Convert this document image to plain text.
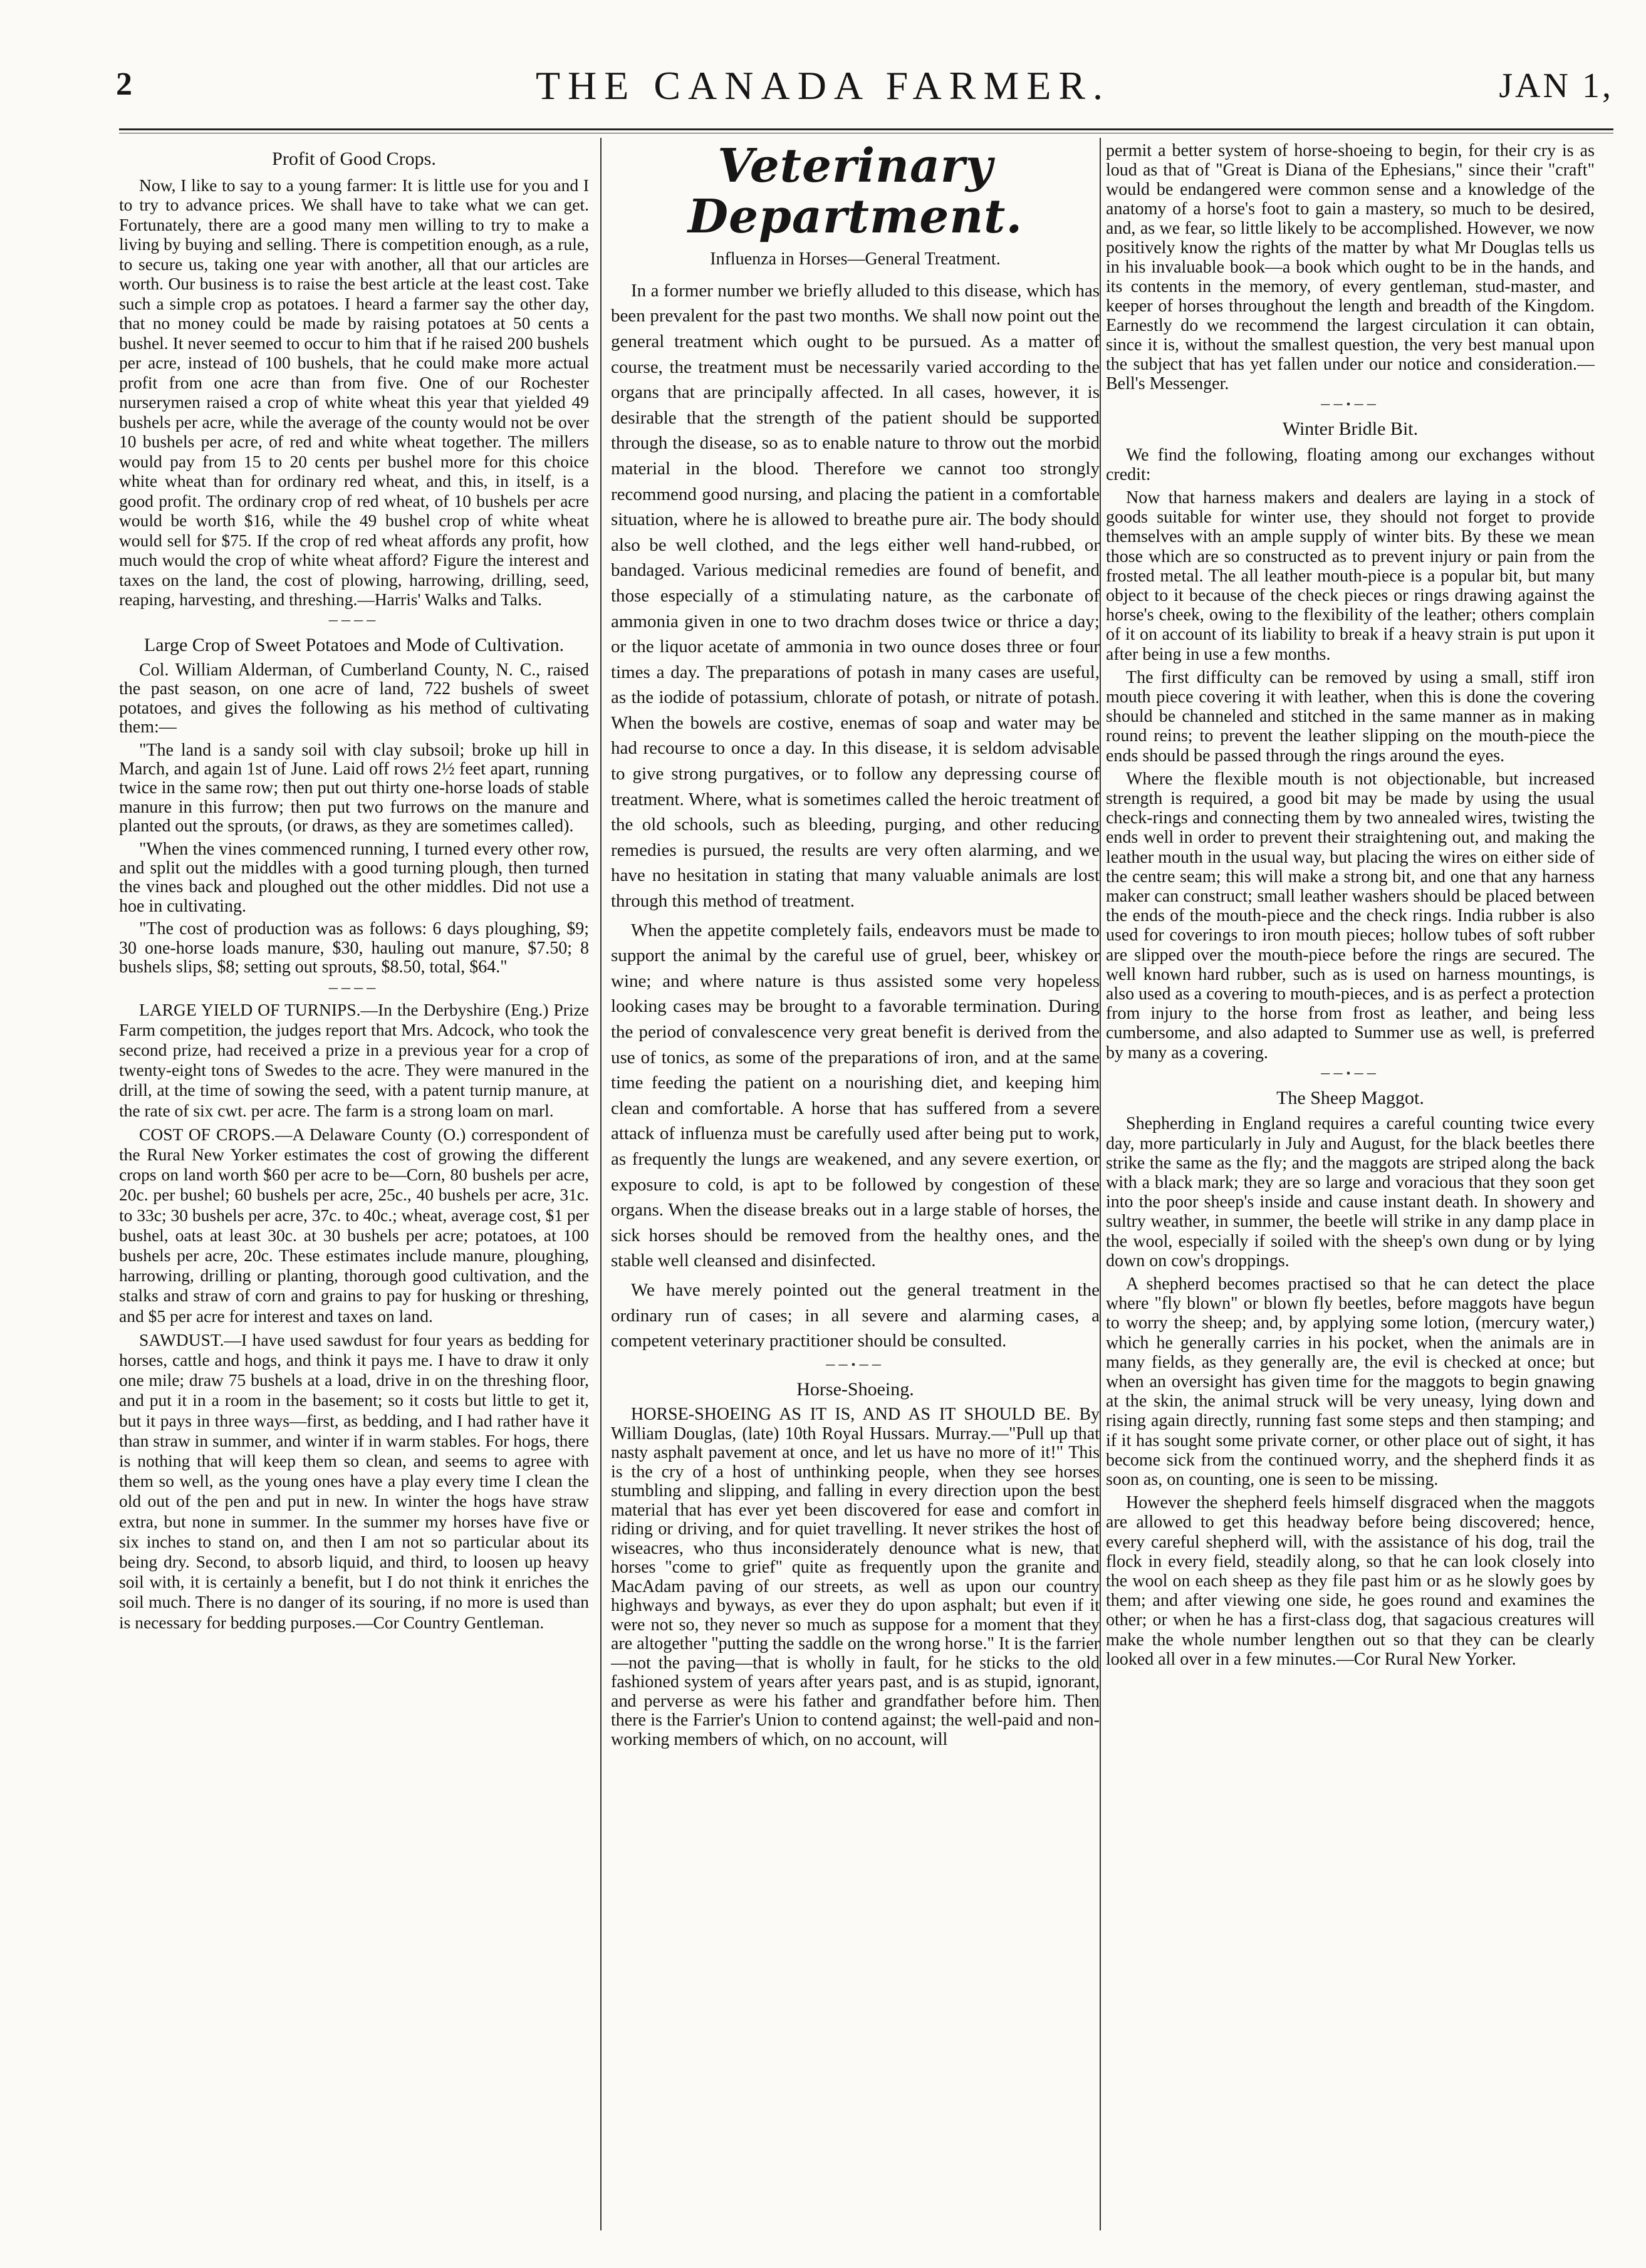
2	THE CANADA FARMER.	JAN 1,
Profit of Good Crops.

Now, I like to say to a young farmer: It is little use for you and I to try to advance prices. We shall have to take what we can get. Fortunately, there are a good many men willing to try to make a living by buying and selling. There is competition enough, as a rule, to secure us, taking one year with another, all that our articles are worth. Our business is to raise the best article at the least cost. Take such a simple crop as potatoes. I heard a farmer say the other day, that no money could be made by raising potatoes at 50 cents a bushel. It never seemed to occur to him that if he raised 200 bushels per acre, instead of 100 bushels, that he could make more actual profit from one acre than from five. One of our Rochester nurserymen raised a crop of white wheat this year that yielded 49 bushels per acre, while the average of the county would not be over 10 bushels per acre, of red and white wheat together. The millers would pay from 15 to 20 cents per bushel more for this choice white wheat than for ordinary red wheat, and this, in itself, is a good profit. The ordinary crop of red wheat, of 10 bushels per acre would be worth $16, while the 49 bushel crop of white wheat would sell for $75. If the crop of red wheat affords any profit, how much would the crop of white wheat afford? Figure the interest and taxes on the land, the cost of plowing, harrowing, drilling, seed, reaping, harvesting, and threshing.—Harris' Walks and Talks.

────
Large Crop of Sweet Potatoes and Mode of Cultivation.

Col. William Alderman, of Cumberland County, N. C., raised the past season, on one acre of land, 722 bushels of sweet potatoes, and gives the following as his method of cultivating them:—

"The land is a sandy soil with clay subsoil; broke up hill in March, and again 1st of June. Laid off rows 2½ feet apart, running twice in the same row; then put out thirty one-horse loads of stable manure in this furrow; then put two furrows on the manure and planted out the sprouts, (or draws, as they are sometimes called).

"When the vines commenced running, I turned every other row, and split out the middles with a good turning plough, then turned the vines back and ploughed out the other middles. Did not use a hoe in cultivating.

"The cost of production was as follows: 6 days ploughing, $9; 30 one-horse loads manure, $30, hauling out manure, $7.50; 8 bushels slips, $8; setting out sprouts, $8.50, total, $64."

────

LARGE YIELD OF TURNIPS.—In the Derbyshire (Eng.) Prize Farm competition, the judges report that Mrs. Adcock, who took the second prize, had received a prize in a previous year for a crop of twenty-eight tons of Swedes to the acre. They were manured in the drill, at the time of sowing the seed, with a patent turnip manure, at the rate of six cwt. per acre. The farm is a strong loam on marl.

COST OF CROPS.—A Delaware County (O.) correspondent of the Rural New Yorker estimates the cost of growing the different crops on land worth $60 per acre to be—Corn, 80 bushels per acre, 20c. per bushel; 60 bushels per acre, 25c., 40 bushels per acre, 31c. to 33c; 30 bushels per acre, 37c. to 40c.; wheat, average cost, $1 per bushel, oats at least 30c. at 30 bushels per acre; potatoes, at 100 bushels per acre, 20c. These estimates include manure, ploughing, harrowing, drilling or planting, thorough good cultivation, and the stalks and straw of corn and grains to pay for husking or threshing, and $5 per acre for interest and taxes on land.

SAWDUST.—I have used sawdust for four years as bedding for horses, cattle and hogs, and think it pays me. I have to draw it only one mile; draw 75 bushels at a load, drive in on the threshing floor, and put it in a room in the basement; so it costs but little to get it, but it pays in three ways—first, as bedding, and I had rather have it than straw in summer, and winter if in warm stables. For hogs, there is nothing that will keep them so clean, and seems to agree with them so well, as the young ones have a play every time I clean the old out of the pen and put in new. In winter the hogs have straw extra, but none in summer. In the summer my horses have five or six inches to stand on, and then I am not so particular about its being dry. Second, to absorb liquid, and third, to loosen up heavy soil with, it is certainly a benefit, but I do not think it enriches the soil much. There is no danger of its souring, if no more is used than is necessary for bedding purposes.—Cor Country Gentleman.

Veterinary Department.
Influenza in Horses—General Treatment.

In a former number we briefly alluded to this disease, which has been prevalent for the past two months. We shall now point out the general treatment which ought to be pursued. As a matter of course, the treatment must be necessarily varied according to the organs that are principally affected. In all cases, however, it is desirable that the strength of the patient should be supported through the disease, so as to enable nature to throw out the morbid material in the blood. Therefore we cannot too strongly recommend good nursing, and placing the patient in a comfortable situation, where he is allowed to breathe pure air. The body should also be well clothed, and the legs either well hand-rubbed, or bandaged. Various medicinal remedies are found of benefit, and those especially of a stimulating nature, as the carbonate of ammonia given in one to two drachm doses twice or thrice a day; or the liquor acetate of ammonia in two ounce doses three or four times a day. The preparations of potash in many cases are useful, as the iodide of potassium, chlorate of potash, or nitrate of potash. When the bowels are costive, enemas of soap and water may be had recourse to once a day. In this disease, it is seldom advisable to give strong purgatives, or to follow any depressing course of treatment. Where, what is sometimes called the heroic treatment of the old schools, such as bleeding, purging, and other reducing remedies is pursued, the results are very often alarming, and we have no hesitation in stating that many valuable animals are lost through this method of treatment.

When the appetite completely fails, endeavors must be made to support the animal by the careful use of gruel, beer, whiskey or wine; and where nature is thus assisted some very hopeless looking cases may be brought to a favorable termination. During the period of convalescence very great benefit is derived from the use of tonics, as some of the preparations of iron, and at the same time feeding the patient on a nourishing diet, and keeping him clean and comfortable. A horse that has suffered from a severe attack of influenza must be carefully used after being put to work, as frequently the lungs are weakened, and any severe exertion, or exposure to cold, is apt to be followed by congestion of these organs. When the disease breaks out in a large stable of horses, the sick horses should be removed from the healthy ones, and the stable well cleansed and disinfected.

We have merely pointed out the general treatment in the ordinary run of cases; in all severe and alarming cases, a competent veterinary practitioner should be consulted.

──•──
Horse-Shoeing.

HORSE-SHOEING AS IT IS, AND AS IT SHOULD BE. By William Douglas, (late) 10th Royal Hussars. Murray.—"Pull up that nasty asphalt pavement at once, and let us have no more of it!" This is the cry of a host of unthinking people, when they see horses stumbling and slipping, and falling in every direction upon the best material that has ever yet been discovered for ease and comfort in riding or driving, and for quiet travelling. It never strikes the host of wiseacres, who thus inconsiderately denounce what is new, that horses "come to grief" quite as frequently upon the granite and MacAdam paving of our streets, as well as upon our country highways and byways, as ever they do upon asphalt; but even if it were not so, they never so much as suppose for a moment that they are altogether "putting the saddle on the wrong horse." It is the farrier—not the paving—that is wholly in fault, for he sticks to the old fashioned system of years after years past, and is as stupid, ignorant, and perverse as were his father and grandfather before him. Then there is the Farrier's Union to contend against; the well-paid and non-working members of which, on no account, will

permit a better system of horse-shoeing to begin, for their cry is as loud as that of "Great is Diana of the Ephesians," since their "craft" would be endangered were common sense and a knowledge of the anatomy of a horse's foot to gain a mastery, so much to be desired, and, as we fear, so little likely to be accomplished. However, we now positively know the rights of the matter by what Mr Douglas tells us in his invaluable book—a book which ought to be in the hands, and its contents in the memory, of every gentleman, stud-master, and keeper of horses throughout the length and breadth of the Kingdom. Earnestly do we recommend the largest circulation it can obtain, since it is, without the smallest question, the very best manual upon the subject that has yet fallen under our notice and consideration.—Bell's Messenger.

──•──
Winter Bridle Bit.

We find the following, floating among our exchanges without credit:

Now that harness makers and dealers are laying in a stock of goods suitable for winter use, they should not forget to provide themselves with an ample supply of winter bits. By these we mean those which are so constructed as to prevent injury or pain from the frosted metal. The all leather mouth-piece is a popular bit, but many object to it because of the check pieces or rings drawing against the horse's cheek, owing to the flexibility of the leather; others complain of it on account of its liability to break if a heavy strain is put upon it after being in use a few months.

The first difficulty can be removed by using a small, stiff iron mouth piece covering it with leather, when this is done the covering should be channeled and stitched in the same manner as in making round reins; to prevent the leather slipping on the mouth-piece the ends should be passed through the rings around the eyes.

Where the flexible mouth is not objectionable, but increased strength is required, a good bit may be made by using the usual check-rings and connecting them by two annealed wires, twisting the ends well in order to prevent their straightening out, and making the leather mouth in the usual way, but placing the wires on either side of the centre seam; this will make a strong bit, and one that any harness maker can construct; small leather washers should be placed between the ends of the mouth-piece and the check rings. India rubber is also used for coverings to iron mouth pieces; hollow tubes of soft rubber are slipped over the mouth-piece before the rings are secured. The well known hard rubber, such as is used on harness mountings, is also used as a covering to mouth-pieces, and is as perfect a protection from injury to the horse from frost as leather, and being less cumbersome, and also adapted to Summer use as well, is preferred by many as a covering.

──•──
The Sheep Maggot.

Shepherding in England requires a careful counting twice every day, more particularly in July and August, for the black beetles there strike the same as the fly; and the maggots are striped along the back with a black mark; they are so large and voracious that they soon get into the poor sheep's inside and cause instant death. In showery and sultry weather, in summer, the beetle will strike in any damp place in the wool, especially if soiled with the sheep's own dung or by lying down on cow's droppings.

A shepherd becomes practised so that he can detect the place where "fly blown" or blown fly beetles, before maggots have begun to worry the sheep; and, by applying some lotion, (mercury water,) which he generally carries in his pocket, when the animals are in many fields, as they generally are, the evil is checked at once; but when an oversight has given time for the maggots to begin gnawing at the skin, the animal struck will be very uneasy, lying down and rising again directly, running fast some steps and then stamping; and if it has sought some private corner, or other place out of sight, it has become sick from the continued worry, and the shepherd finds it as soon as, on counting, one is seen to be missing.

However the shepherd feels himself disgraced when the maggots are allowed to get this headway before being discovered; hence, every careful shepherd will, with the assistance of his dog, trail the flock in every field, steadily along, so that he can look closely into the wool on each sheep as they file past him or as he slowly goes by them; and after viewing one side, he goes round and examines the other; or when he has a first-class dog, that sagacious creatures will make the whole number lengthen out so that they can be clearly looked all over in a few minutes.—Cor Rural New Yorker.
